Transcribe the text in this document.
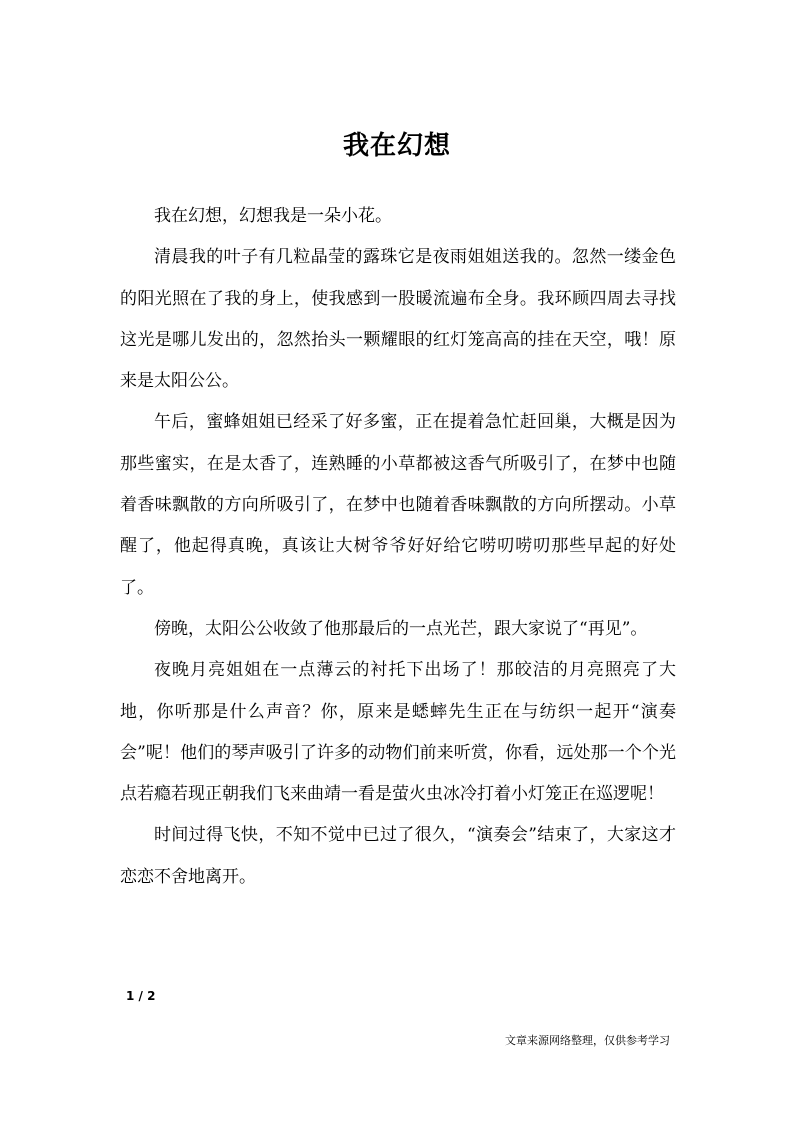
我在幻想

我在幻想，幻想我是一朵小花。

清晨我的叶子有几粒晶莹的露珠它是夜雨姐姐送我的。忽然一缕金色的阳光照在了我的身上，使我感到一股暖流遍布全身。我环顾四周去寻找这光是哪儿发出的，忽然抬头一颗耀眼的红灯笼高高的挂在天空，哦！原来是太阳公公。

午后，蜜蜂姐姐已经采了好多蜜，正在提着急忙赶回巢，大概是因为那些蜜实，在是太香了，连熟睡的小草都被这香气所吸引了，在梦中也随着香味飘散的方向所吸引了，在梦中也随着香味飘散的方向所摆动。小草醒了，他起得真晚，真该让大树爷爷好好给它唠叨唠叨那些早起的好处了。

傍晚，太阳公公收敛了他那最后的一点光芒，跟大家说了“再见”。

夜晚月亮姐姐在一点薄云的衬托下出场了！那皎洁的月亮照亮了大地，你听那是什么声音？你，原来是蟋蟀先生正在与纺织一起开“演奏会”呢！他们的琴声吸引了许多的动物们前来听赏，你看，远处那一个个光点若瘾若现正朝我们飞来曲靖一看是萤火虫冰冷打着小灯笼正在巡逻呢！

时间过得飞快，不知不觉中已过了很久，“演奏会”结束了，大家这才恋恋不舍地离开。

1 / 2
文章来源网络整理，仅供参考学习
